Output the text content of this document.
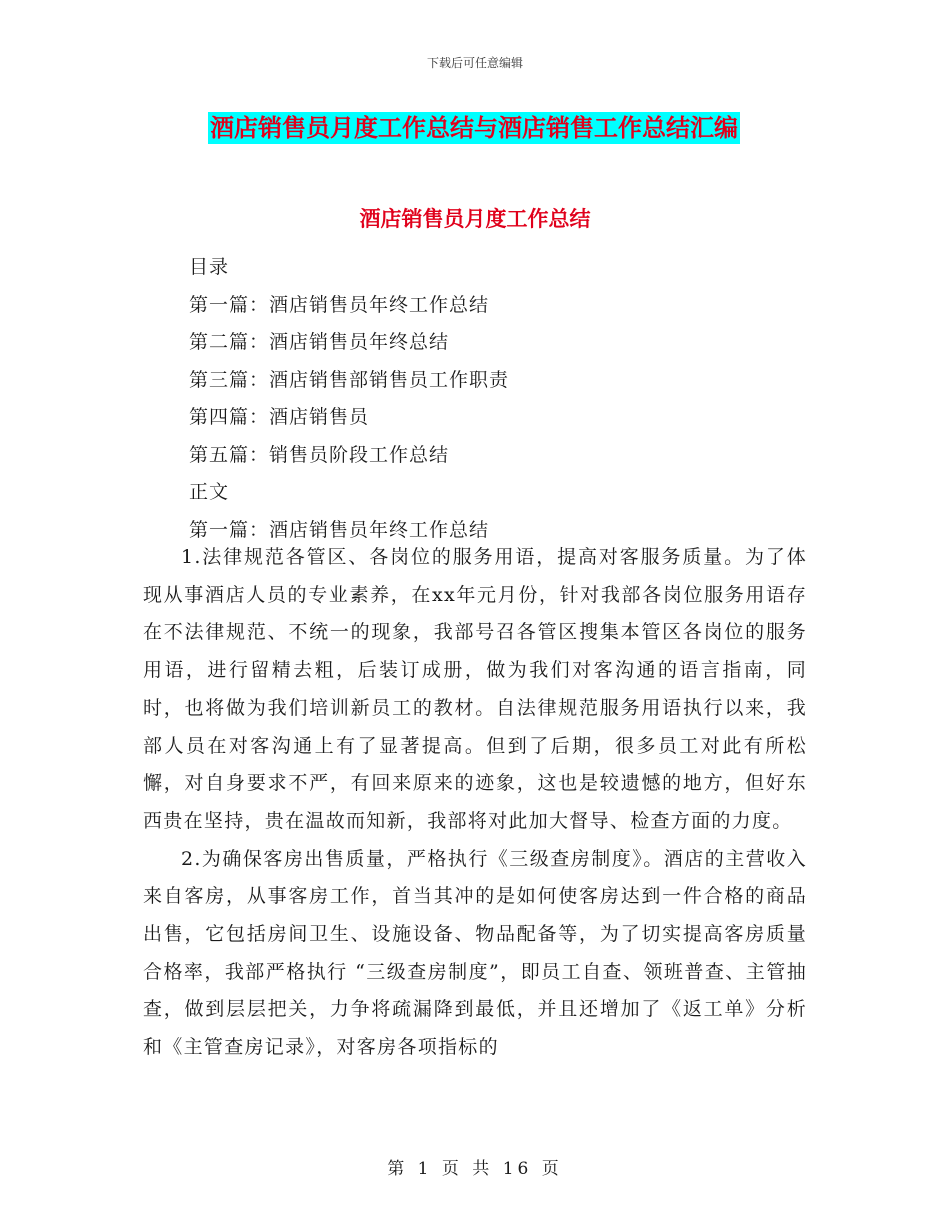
下载后可任意编辑
酒店销售员月度工作总结与酒店销售工作总结汇编
酒店销售员月度工作总结
目录
第一篇：酒店销售员年终工作总结
第二篇：酒店销售员年终总结
第三篇：酒店销售部销售员工作职责
第四篇：酒店销售员
第五篇：销售员阶段工作总结
正文
第一篇：酒店销售员年终工作总结

1.法律规范各管区、各岗位的服务用语，提高对客服务质量。为了体现从事酒店人员的专业素养，在xx年元月份，针对我部各岗位服务用语存在不法律规范、不统一的现象，我部号召各管区搜集本管区各岗位的服务用语，进行留精去粗，后装订成册，做为我们对客沟通的语言指南，同时，也将做为我们培训新员工的教材。自法律规范服务用语执行以来，我部人员在对客沟通上有了显著提高。但到了后期，很多员工对此有所松懈，对自身要求不严，有回来原来的迹象，这也是较遗憾的地方，但好东西贵在坚持，贵在温故而知新，我部将对此加大督导、检查方面的力度。

2.为确保客房出售质量，严格执行《三级查房制度》。酒店的主营收入来自客房，从事客房工作，首当其冲的是如何使客房达到一件合格的商品出售，它包括房间卫生、设施设备、物品配备等，为了切实提高客房质量合格率，我部严格执行 “三级查房制度”，即员工自查、领班普查、主管抽查，做到层层把关，力争将疏漏降到最低，并且还增加了《返工单》分析和《主管查房记录》，对客房各项指标的

第 1 页 共 16 页
